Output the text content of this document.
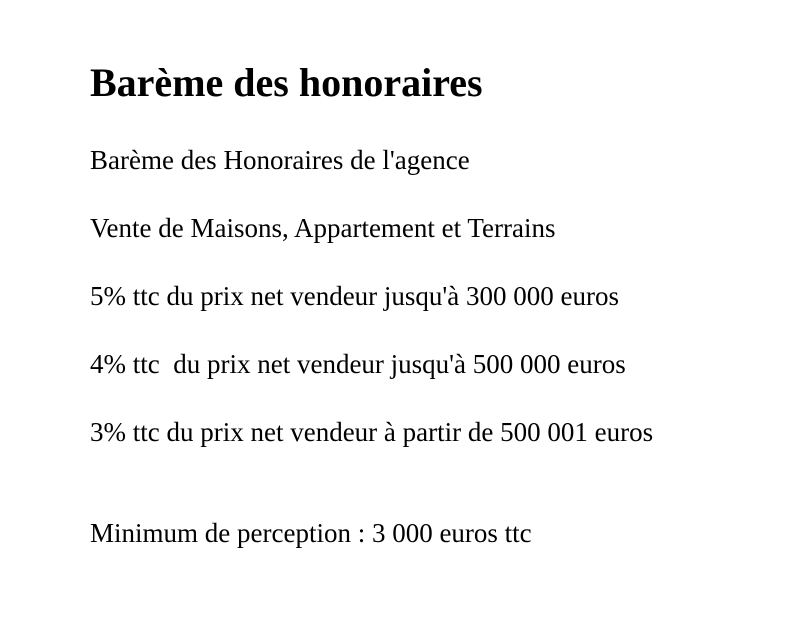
Barème des honoraires

Barème des Honoraires de l'agence

Vente de Maisons, Appartement et Terrains

5% ttc du prix net vendeur jusqu'à 300 000 euros

4% ttc  du prix net vendeur jusqu'à 500 000 euros

3% ttc du prix net vendeur à partir de 500 001 euros

Minimum de perception : 3 000 euros ttc
